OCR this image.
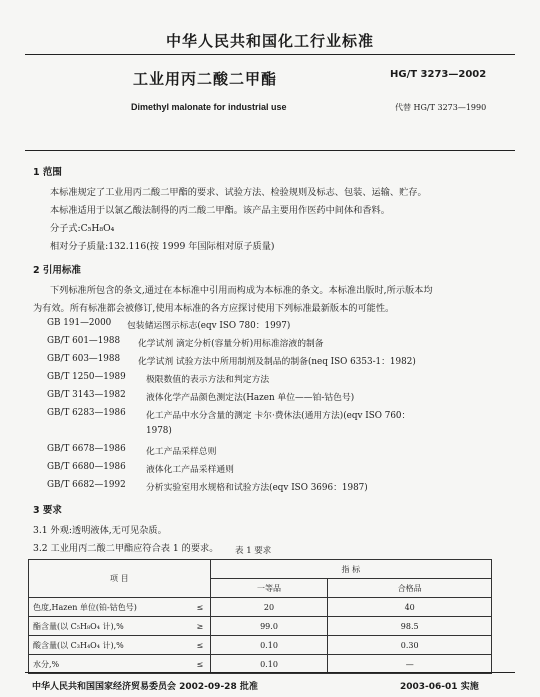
中华人民共和国化工行业标准
工业用丙二酸二甲酯	HG/T 3273—2002
Dimethyl malonate for industrial use	代替 HG/T 3273—1990
1 范围
本标准规定了工业用丙二酸二甲酯的要求、试验方法、检验规则及标志、包装、运输、贮存。
本标准适用于以氯乙酸法制得的丙二酸二甲酯。该产品主要用作医药中间体和香料。
分子式:C₅H₈O₄
相对分子质量:132.116(按 1999 年国际相对原子质量)
2 引用标准
下列标准所包含的条文,通过在本标准中引用而构成为本标准的条文。本标准出版时,所示版本均
为有效。所有标准都会被修订,使用本标准的各方应探讨使用下列标准最新版本的可能性。
GB 191—2000 包装储运图示标志(eqv ISO 780：1997)
GB/T 601—1988 化学试剂 滴定分析(容量分析)用标准溶液的制备
GB/T 603—1988 化学试剂 试验方法中所用制剂及制品的制备(neq ISO 6353-1：1982)
GB/T 1250—1989 极限数值的表示方法和判定方法
GB/T 3143—1982 液体化学产品颜色测定法(Hazen 单位——铂-钴色号)
GB/T 6283—1986 化工产品中水分含量的测定 卡尔·费休法(通用方法)(eqv ISO 760：
1978)
GB/T 6678—1986 化工产品采样总则
GB/T 6680—1986 液体化工产品采样通则
GB/T 6682—1992 分析实验室用水规格和试验方法(eqv ISO 3696：1987)
3 要求
3.1 外观:透明液体,无可见杂质。
3.2 工业用丙二酸二甲酯应符合表 1 的要求。 表 1 要求
项 目		指 标	
		一等品	合格品
色度,Hazen 单位(铂-钴色号)	≤	20	40
酯含量(以 C₅H₈O₄ 计),%	≥	99.0	98.5
酸含量(以 C₃H₄O₄ 计),%	≤	0.10	0.30
水分,%	≤	0.10	—
中华人民共和国国家经济贸易委员会 2002-09-28 批准	2003-06-01 实施
